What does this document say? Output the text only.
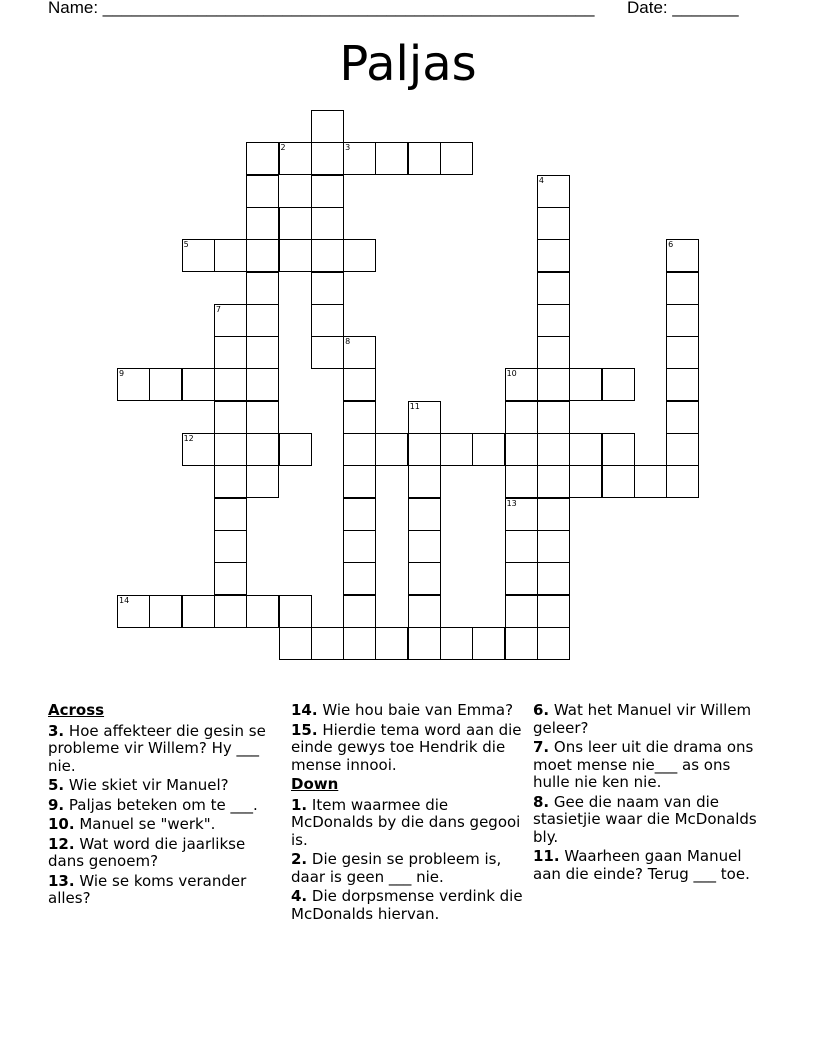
Name: ____________________________________________________ Date: _______
Paljas
2	3
4
5	6
7
9
8
10
11
12
14
13
Across
3. Hoe affekteer die gesin se probleme vir Willem? Hy ___ nie.
5. Wie skiet vir Manuel?
9. Paljas beteken om te ___.
10. Manuel se "werk".
12. Wat word die jaarlikse dans genoem?
13. Wie se koms verander alles?
14. Wie hou baie van Emma?
15. Hierdie tema word aan die einde gewys toe Hendrik die mense innooi.
Down
1. Item waarmee die McDonalds by die dans gegooi is.
2. Die gesin se probleem is, daar is geen ___ nie.
4. Die dorpsmense verdink die McDonalds hiervan.
6. Wat het Manuel vir Willem geleer?
7. Ons leer uit die drama ons moet mense nie___ as ons hulle nie ken nie.
8. Gee die naam van die stasietjie waar die McDonalds bly.
11. Waarheen gaan Manuel aan die einde? Terug ___ toe.
